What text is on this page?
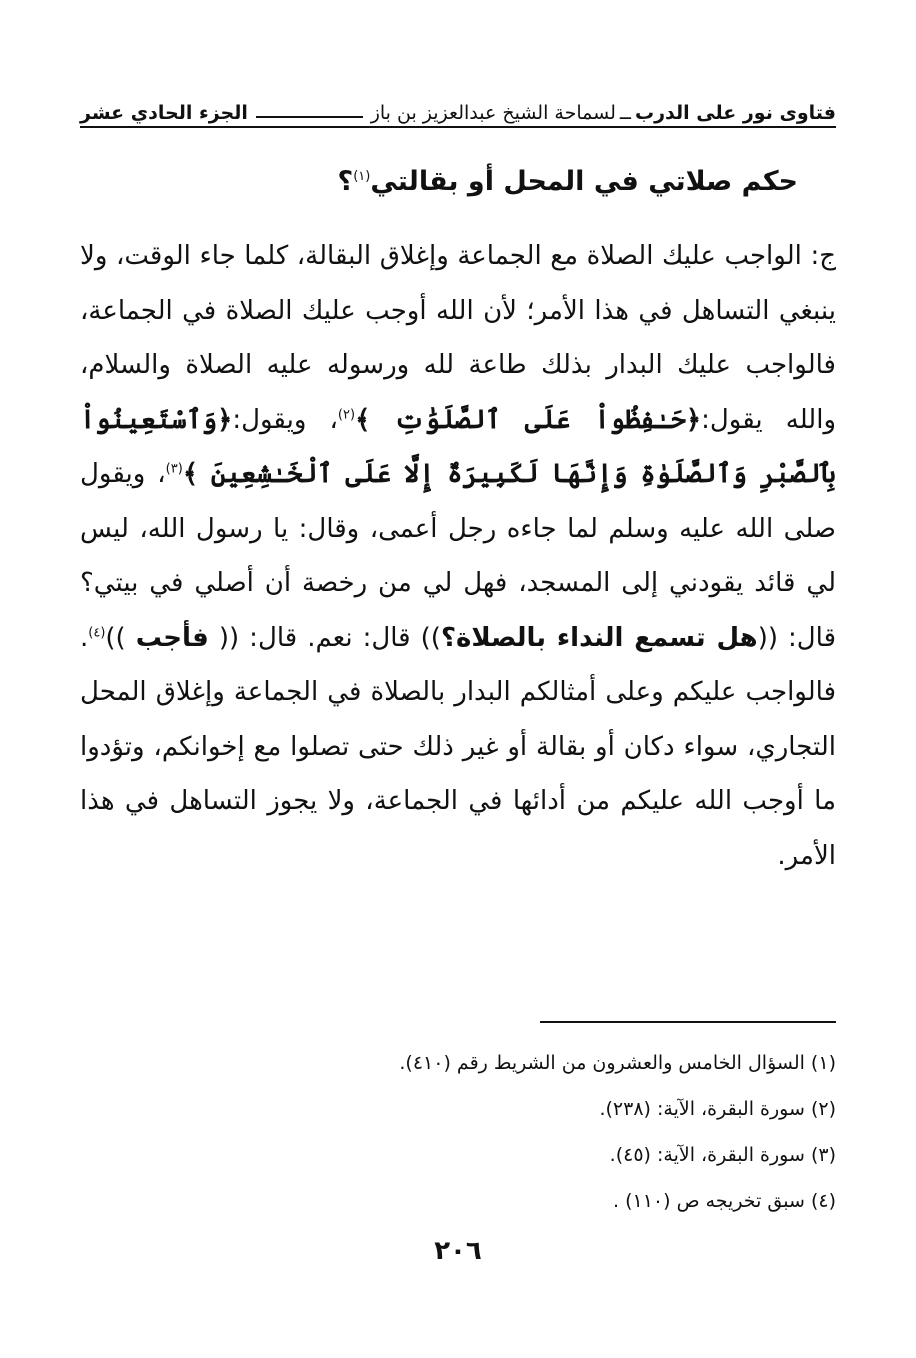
فتاوى نور على الدرب
ــ
لسماحة الشيخ عبدالعزيز بن باز
الجزء الحادي عشر
حكم صلاتي في المحل أو بقالتي$^{(١)}$؟
ج: الواجب عليك الصلاة مع الجماعة وإغلاق البقالة، كلما جاء الوقت، ولا ينبغي التساهل في هذا الأمر؛ لأن الله أوجب عليك الصلاة في الجماعة، فالواجب عليك البدار بذلك طاعة لله ورسوله عليه الصلاة والسلام، والله يقول:﴿حَـٰفِظُواْ عَلَى ٱلصَّلَوَٰتِ ﴾$^{(٢)}$، ويقول:﴿وَٱسْتَعِينُواْ بِٱلصَّبْرِ وَٱلصَّلَوٰةِ وَإِنَّهَا لَكَبِيرَةٌ إِلَّا عَلَى ٱلْخَـٰشِعِينَ ﴾$^{(٣)}$، ويقول صلى الله عليه وسلم لما جاءه رجل أعمى، وقال: يا رسول الله، ليس لي قائد يقودني إلى المسجد، فهل لي من رخصة أن أصلي في بيتي؟ قال: ((هل تسمع النداء بالصلاة؟)) قال: نعم. قال: (( فأجب ))$^{(٤)}$. فالواجب عليكم وعلى أمثالكم البدار بالصلاة في الجماعة وإغلاق المحل التجاري، سواء دكان أو بقالة أو غير ذلك حتى تصلوا مع إخوانكم، وتؤدوا ما أوجب الله عليكم من أدائها في الجماعة، ولا يجوز التساهل في هذا الأمر.
(١) السؤال الخامس والعشرون من الشريط رقم (٤١٠).
(٢) سورة البقرة، الآية: (٢٣٨).
(٣) سورة البقرة، الآية: (٤٥).
(٤) سبق تخريجه ص (١١٠) .
٢٠٦
